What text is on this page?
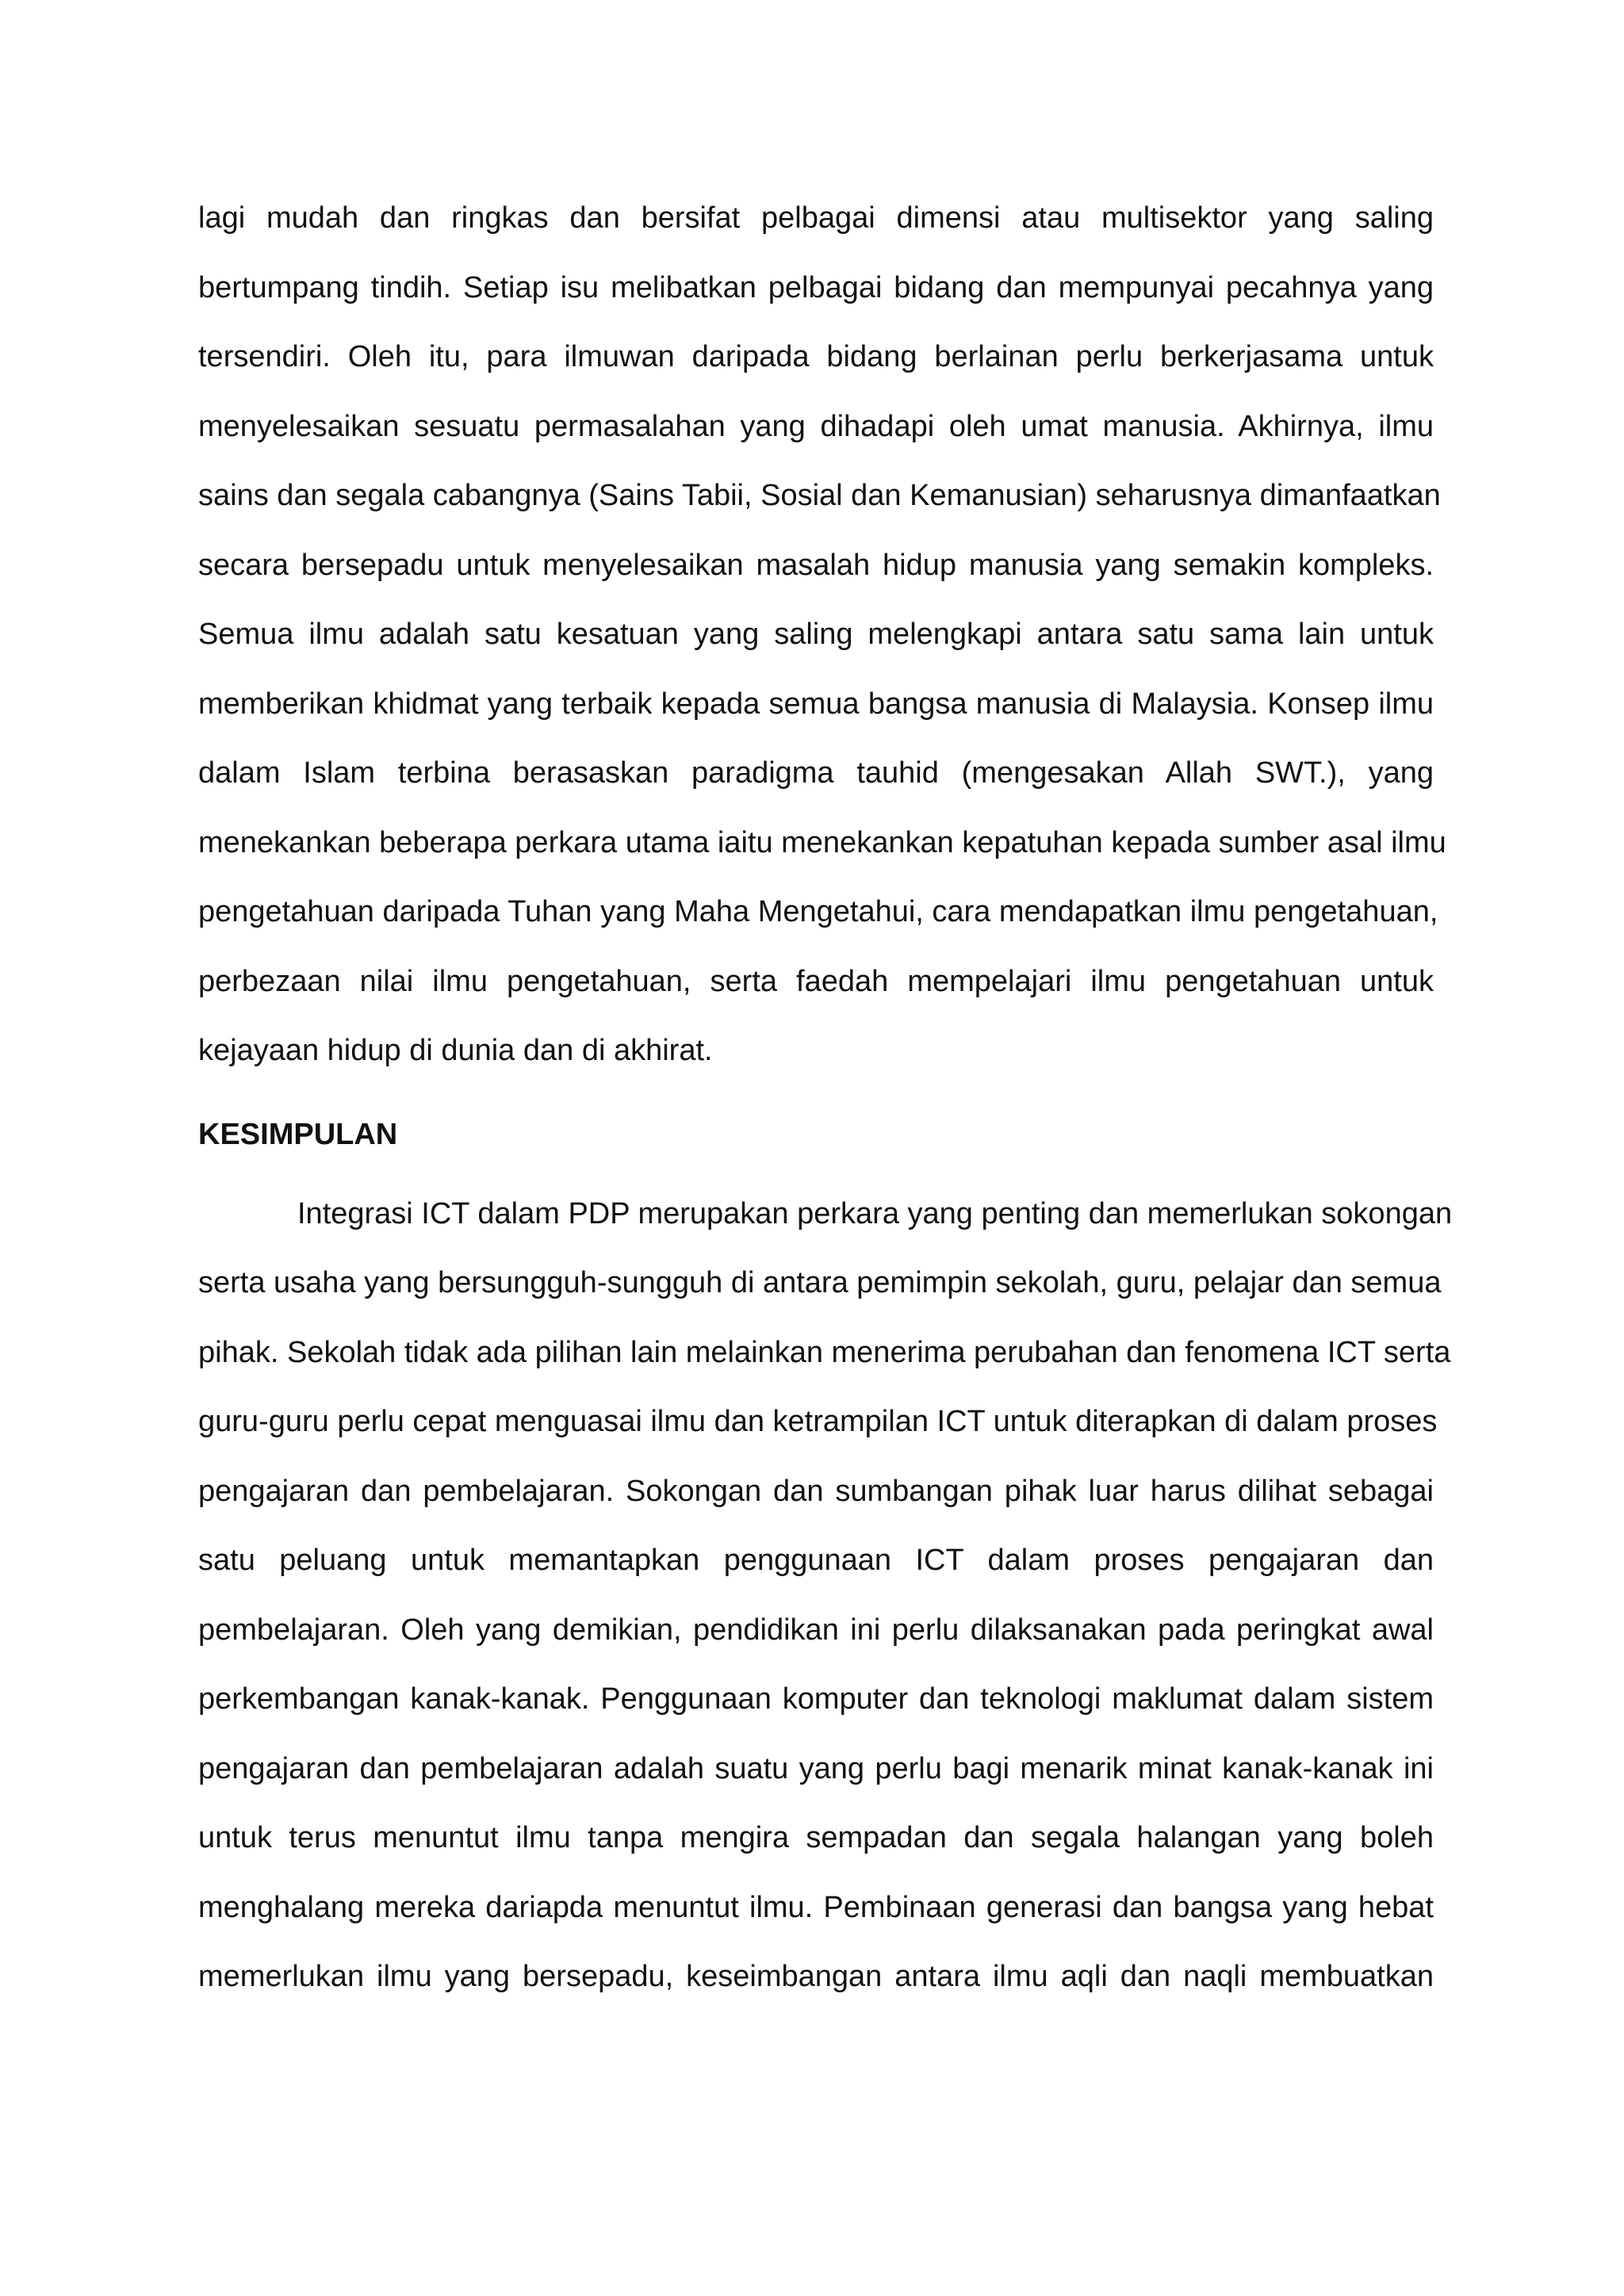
lagi mudah dan ringkas dan bersifat pelbagai dimensi atau multisektor yang saling
bertumpang tindih. Setiap isu melibatkan pelbagai bidang dan mempunyai pecahnya yang
tersendiri. Oleh itu, para ilmuwan daripada bidang berlainan perlu berkerjasama untuk
menyelesaikan sesuatu permasalahan yang dihadapi oleh umat manusia. Akhirnya, ilmu
sains dan segala cabangnya (Sains Tabii, Sosial dan Kemanusian) seharusnya dimanfaatkan
secara bersepadu untuk menyelesaikan masalah hidup manusia yang semakin kompleks.
Semua ilmu adalah satu kesatuan yang saling melengkapi antara satu sama lain untuk
memberikan khidmat yang terbaik kepada semua bangsa manusia di Malaysia. Konsep ilmu
dalam Islam terbina berasaskan paradigma tauhid (mengesakan Allah SWT.), yang
menekankan beberapa perkara utama iaitu menekankan kepatuhan kepada sumber asal ilmu
pengetahuan daripada Tuhan yang Maha Mengetahui, cara mendapatkan ilmu pengetahuan,
perbezaan nilai ilmu pengetahuan, serta faedah mempelajari ilmu pengetahuan untuk
kejayaan hidup di dunia dan di akhirat.
KESIMPULAN
Integrasi ICT dalam PDP merupakan perkara yang penting dan memerlukan sokongan
serta usaha yang bersungguh-sungguh di antara pemimpin sekolah, guru, pelajar dan semua
pihak. Sekolah tidak ada pilihan lain melainkan menerima perubahan dan fenomena ICT serta
guru-guru perlu cepat menguasai ilmu dan ketrampilan ICT untuk diterapkan di dalam proses
pengajaran dan pembelajaran. Sokongan dan sumbangan pihak luar harus dilihat sebagai
satu peluang untuk memantapkan penggunaan ICT dalam proses pengajaran dan
pembelajaran. Oleh yang demikian, pendidikan ini perlu dilaksanakan pada peringkat awal
perkembangan kanak-kanak. Penggunaan komputer dan teknologi maklumat dalam sistem
pengajaran dan pembelajaran adalah suatu yang perlu bagi menarik minat kanak-kanak ini
untuk terus menuntut ilmu tanpa mengira sempadan dan segala halangan yang boleh
menghalang mereka dariapda menuntut ilmu. Pembinaan generasi dan bangsa yang hebat
memerlukan ilmu yang bersepadu, keseimbangan antara ilmu aqli dan naqli membuatkan
